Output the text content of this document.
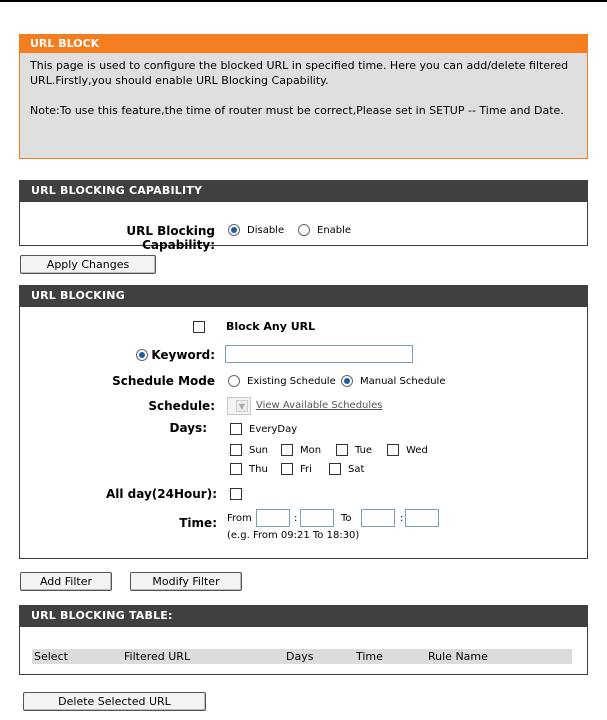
URL BLOCK

This page is used to configure the blocked URL in specified time. Here you can add/delete filtered URL.Firstly,you should enable URL Blocking Capability.

Note:To use this feature,the time of router must be correct,Please set in SETUP -- Time and Date.

URL BLOCKING CAPABILITY
URL Blocking Capability:
Disable	Enable
Apply Changes
URL BLOCKING
Block Any URL
Keyword:
Schedule Mode	Existing Schedule Manual Schedule
Schedule:	▼ View Available Schedules
Days:	EveryDay
Sun	Mon	Tue	Wed
Thu	Fri	Sat
All day(24Hour):
Time: From	:	To	:
(e.g. From 09:21 To 18:30)
Add Filter	Modify Filter
URL BLOCKING TABLE:
Select	Filtered URL	Days	Time	Rule Name
Delete Selected URL
